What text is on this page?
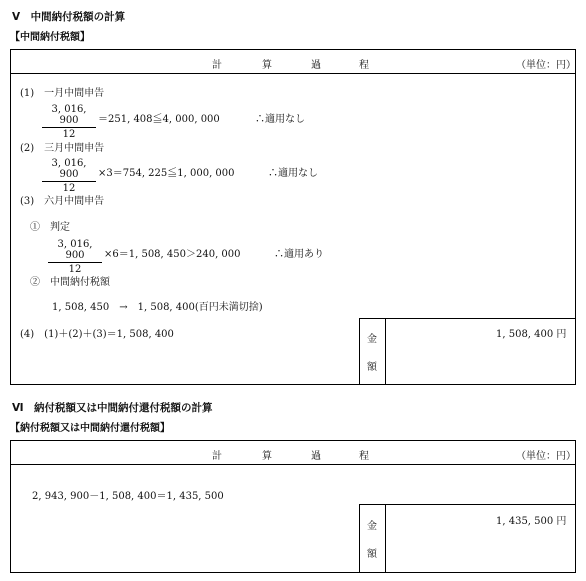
Ⅴ　中間納付税額の計算
【中間納付税額】
計	算	過	程	（単位：円）
(1)　一月中間申告
3, 016, 900
12
＝251, 408≦4, 000, 000	∴適用なし
(2)　三月中間申告
3, 016, 900
12
×3＝754, 225≦1, 000, 000	∴適用なし
(3)　六月中間申告
①　判定
3, 016, 900
12
×6＝1, 508, 450＞240, 000	∴適用あり
②　中間納付税額
1, 508, 450　→　1, 508, 400(百円未満切捨)
(4)　(1)＋(2)＋(3)＝1, 508, 400	金
額
1, 508, 400 円
Ⅵ　納付税額又は中間納付還付税額の計算
【納付税額又は中間納付還付税額】
計	算	過	程	（単位：円）
2, 943, 900－1, 508, 400＝1, 435, 500
金
額
1, 435, 500 円
